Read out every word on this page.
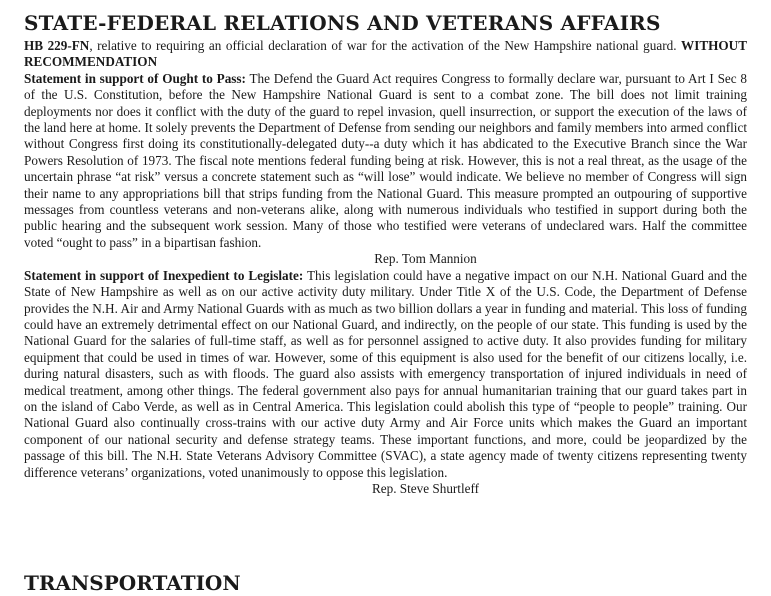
STATE-FEDERAL RELATIONS AND VETERANS AFFAIRS

HB 229-FN, relative to requiring an official declaration of war for the activation of the New Hampshire national guard. WITHOUT RECOMMENDATION

Statement in support of Ought to Pass: The Defend the Guard Act requires Congress to formally declare war, pursuant to Art I Sec 8 of the U.S. Constitution, before the New Hampshire National Guard is sent to a combat zone. The bill does not limit training deployments nor does it conflict with the duty of the guard to repel invasion, quell insurrection, or support the execution of the laws of the land here at home. It solely prevents the Department of Defense from sending our neighbors and family members into armed conflict without Congress first doing its constitutionally-delegated duty--a duty which it has abdicated to the Executive Branch since the War Powers Resolution of 1973. The fiscal note mentions federal funding being at risk. However, this is not a real threat, as the usage of the uncertain phrase “at risk” versus a concrete statement such as “will lose” would indicate. We believe no member of Congress will sign their name to any appropriations bill that strips funding from the National Guard. This measure prompted an outpouring of supportive messages from countless veterans and non-veterans alike, along with numerous individuals who testified in support during both the public hearing and the subsequent work session. Many of those who testified were veterans of undeclared wars. Half the committee voted “ought to pass” in a bipartisan fashion.

Rep. Tom Mannion

Statement in support of Inexpedient to Legislate: This legislation could have a negative impact on our N.H. National Guard and the State of New Hampshire as well as on our active activity duty military. Under Title X of the U.S. Code, the Department of Defense provides the N.H. Air and Army National Guards with as much as two billion dollars a year in funding and material. This loss of funding could have an extremely detrimental effect on our National Guard, and indirectly, on the people of our state. This funding is used by the National Guard for the salaries of full-time staff, as well as for personnel assigned to active duty. It also provides funding for military equipment that could be used in times of war. However, some of this equipment is also used for the benefit of our citizens locally, i.e. during natural disasters, such as with floods. The guard also assists with emergency transportation of injured individuals in need of medical treatment, among other things. The federal government also pays for annual humanitarian training that our guard takes part in on the island of Cabo Verde, as well as in Central America. This legislation could abolish this type of “people to people” training. Our National Guard also continually cross-trains with our active duty Army and Air Force units which makes the Guard an important component of our national security and defense strategy teams. These important functions, and more, could be jeopardized by the passage of this bill. The N.H. State Veterans Advisory Committee (SVAC), a state agency made of twenty citizens representing twenty difference veterans’ organizations, voted unanimously to oppose this legislation.

Rep. Steve Shurtleff

TRANSPORTATION
